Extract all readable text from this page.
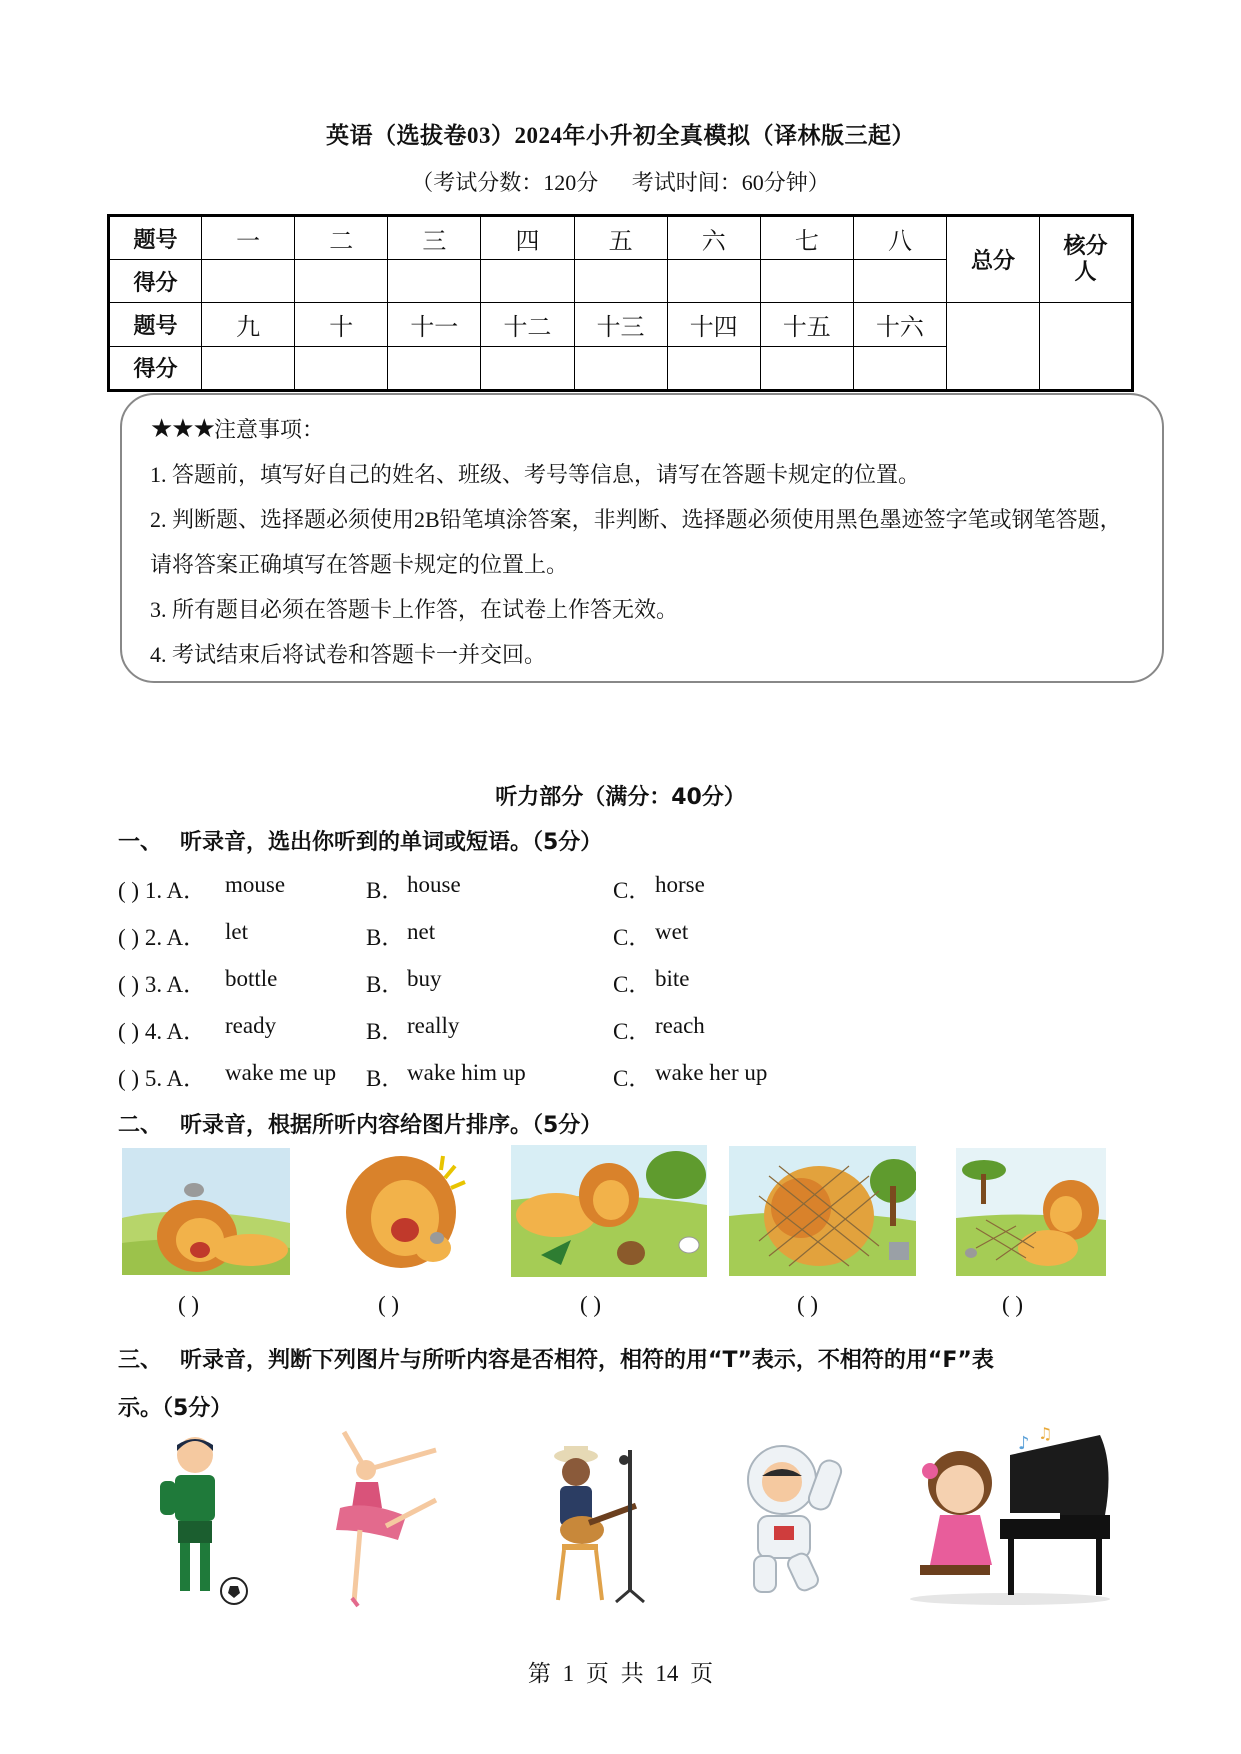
英语（选拔卷03）2024年小升初全真模拟（译林版三起）
（考试分数：120分 考试时间：60分钟）
题号	一	二	三	四	五	六	七	八	总分	核分人
得分										
题号	九	十	十一	十二	十三	十四	十五	十六		
得分										
★★★注意事项：

1. 答题前，填写好自己的姓名、班级、考号等信息，请写在答题卡规定的位置。

2. 判断题、选择题必须使用2B铅笔填涂答案，非判断、选择题必须使用黑色墨迹签字笔或钢笔答题，请将答案正确填写在答题卡规定的位置上。

3. 所有题目必须在答题卡上作答，在试卷上作答无效。

4. 考试结束后将试卷和答题卡一并交回。

听力部分（满分：40分）
一、 听录音，选出你听到的单词或短语。（5分）
( ) 1. A． mouse	B． house	C． horse
( ) 2. A． let	B． net	C． wet
( ) 3. A． bottle	B． buy	C． bite
( ) 4. A． ready	B． really	C． reach
( ) 5. A． wake me up B． wake him up	C． wake her up
二、 听录音，根据所听内容给图片排序。（5分）
( )	( )	( )	( )	( )
三、 听录音，判断下列图片与所听内容是否相符，相符的用“T”表示，不相符的用“F”表
示。（5分）
♪ ♫
第 1 页 共 14 页
